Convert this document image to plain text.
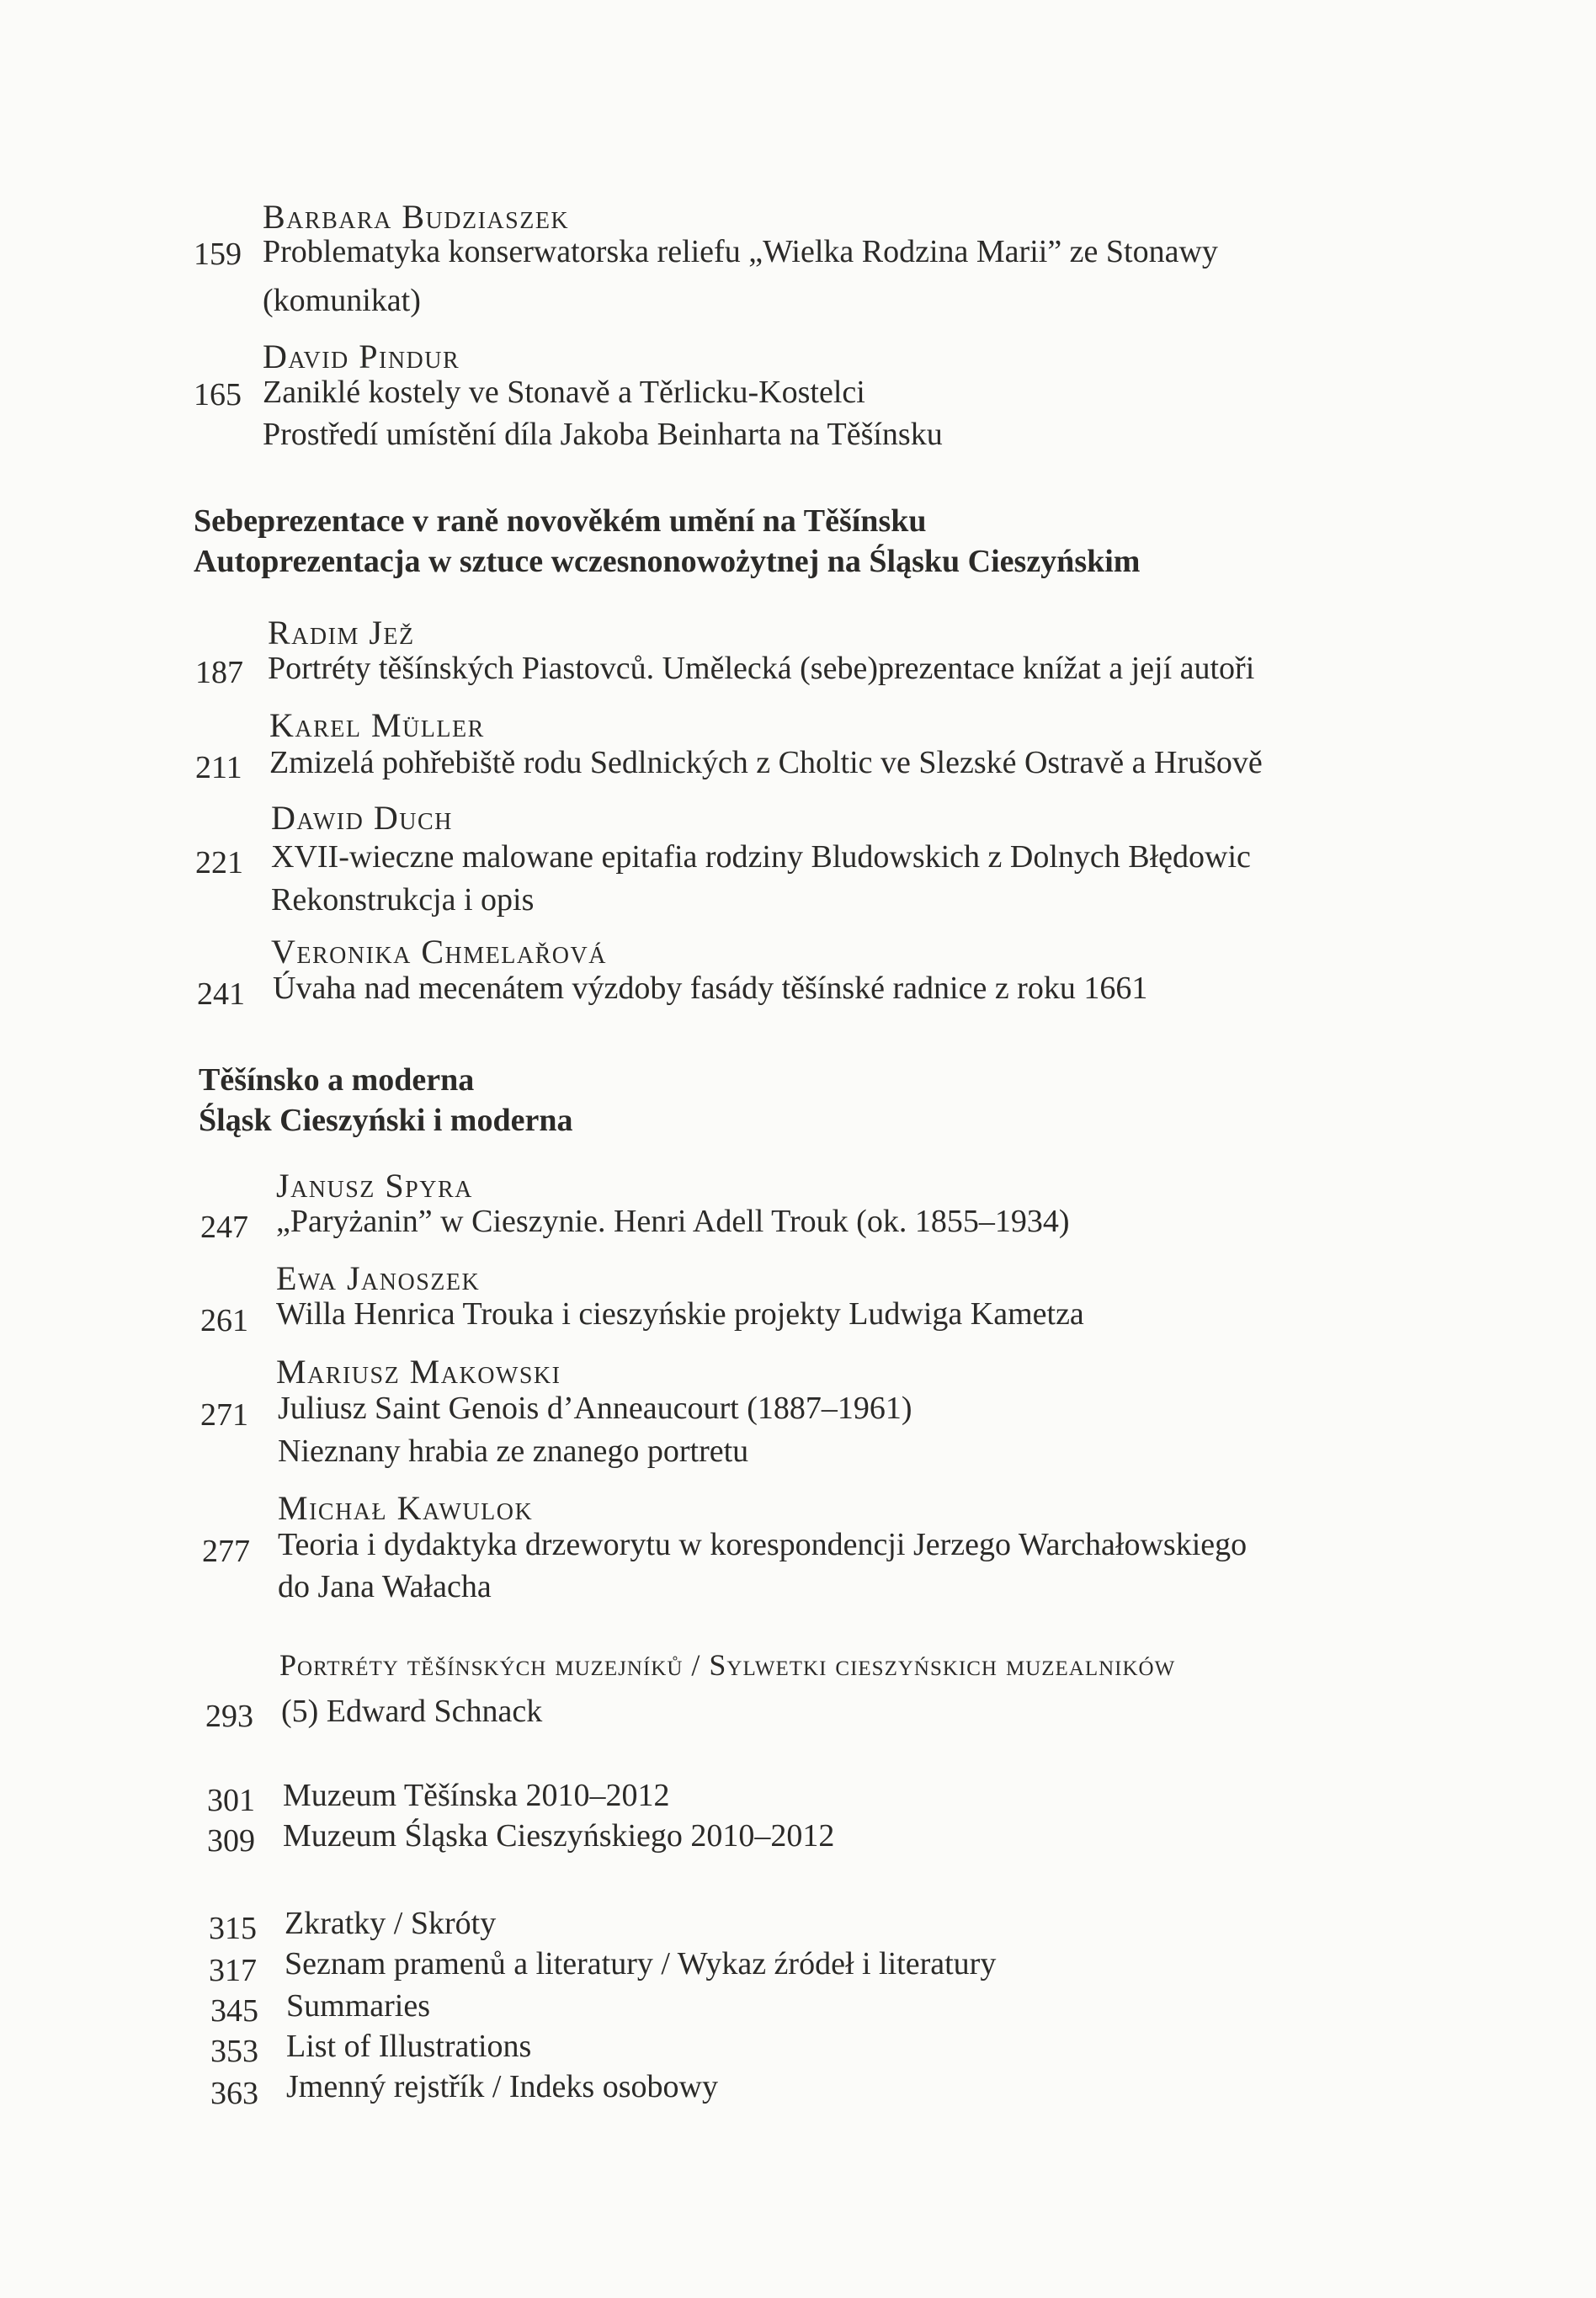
Barbara Budziaszek
159 Problematyka konserwatorska reliefu „Wielka Rodzina Marii” ze Stonawy
(komunikat)
David Pindur
165 Zaniklé kostely ve Stonavě a Těrlicku-Kostelci
Prostředí umístění díla Jakoba Beinharta na Těšínsku
Sebeprezentace v raně novověkém umění na Těšínsku
Autoprezentacja w sztuce wczesnonowożytnej na Śląsku Cieszyńskim
Radim Jež
187 Portréty těšínských Piastovců. Umělecká (sebe)prezentace knížat a její autoři
Karel Müller
211 Zmizelá pohřebiště rodu Sedlnických z Choltic ve Slezské Ostravě a Hrušově
Dawid Duch
221 XVII-wieczne malowane epitafia rodziny Bludowskich z Dolnych Błędowic
Rekonstrukcja i opis
Veronika Chmelařová
241 Úvaha nad mecenátem výzdoby fasády těšínské radnice z roku 1661
Těšínsko a moderna
Śląsk Cieszyński i moderna
Janusz Spyra
247 „Paryżanin” w Cieszynie. Henri Adell Trouk (ok. 1855–1934)
Ewa Janoszek
261 Willa Henrica Trouka i cieszyńskie projekty Ludwiga Kametza
Mariusz Makowski
271 Juliusz Saint Genois d’Anneaucourt (1887–1961)
Nieznany hrabia ze znanego portretu
Michał Kawulok
277 Teoria i dydaktyka drzeworytu w korespondencji Jerzego Warchałowskiego
do Jana Wałacha
Portréty těšínských muzejníků / Sylwetki cieszyńskich muzealników
293 (5) Edward Schnack
301 Muzeum Těšínska 2010–2012
309 Muzeum Śląska Cieszyńskiego 2010–2012
315 Zkratky / Skróty
317 Seznam pramenů a literatury / Wykaz źródeł i literatury
345 Summaries
353 List of Illustrations
363 Jmenný rejstřík / Indeks osobowy
